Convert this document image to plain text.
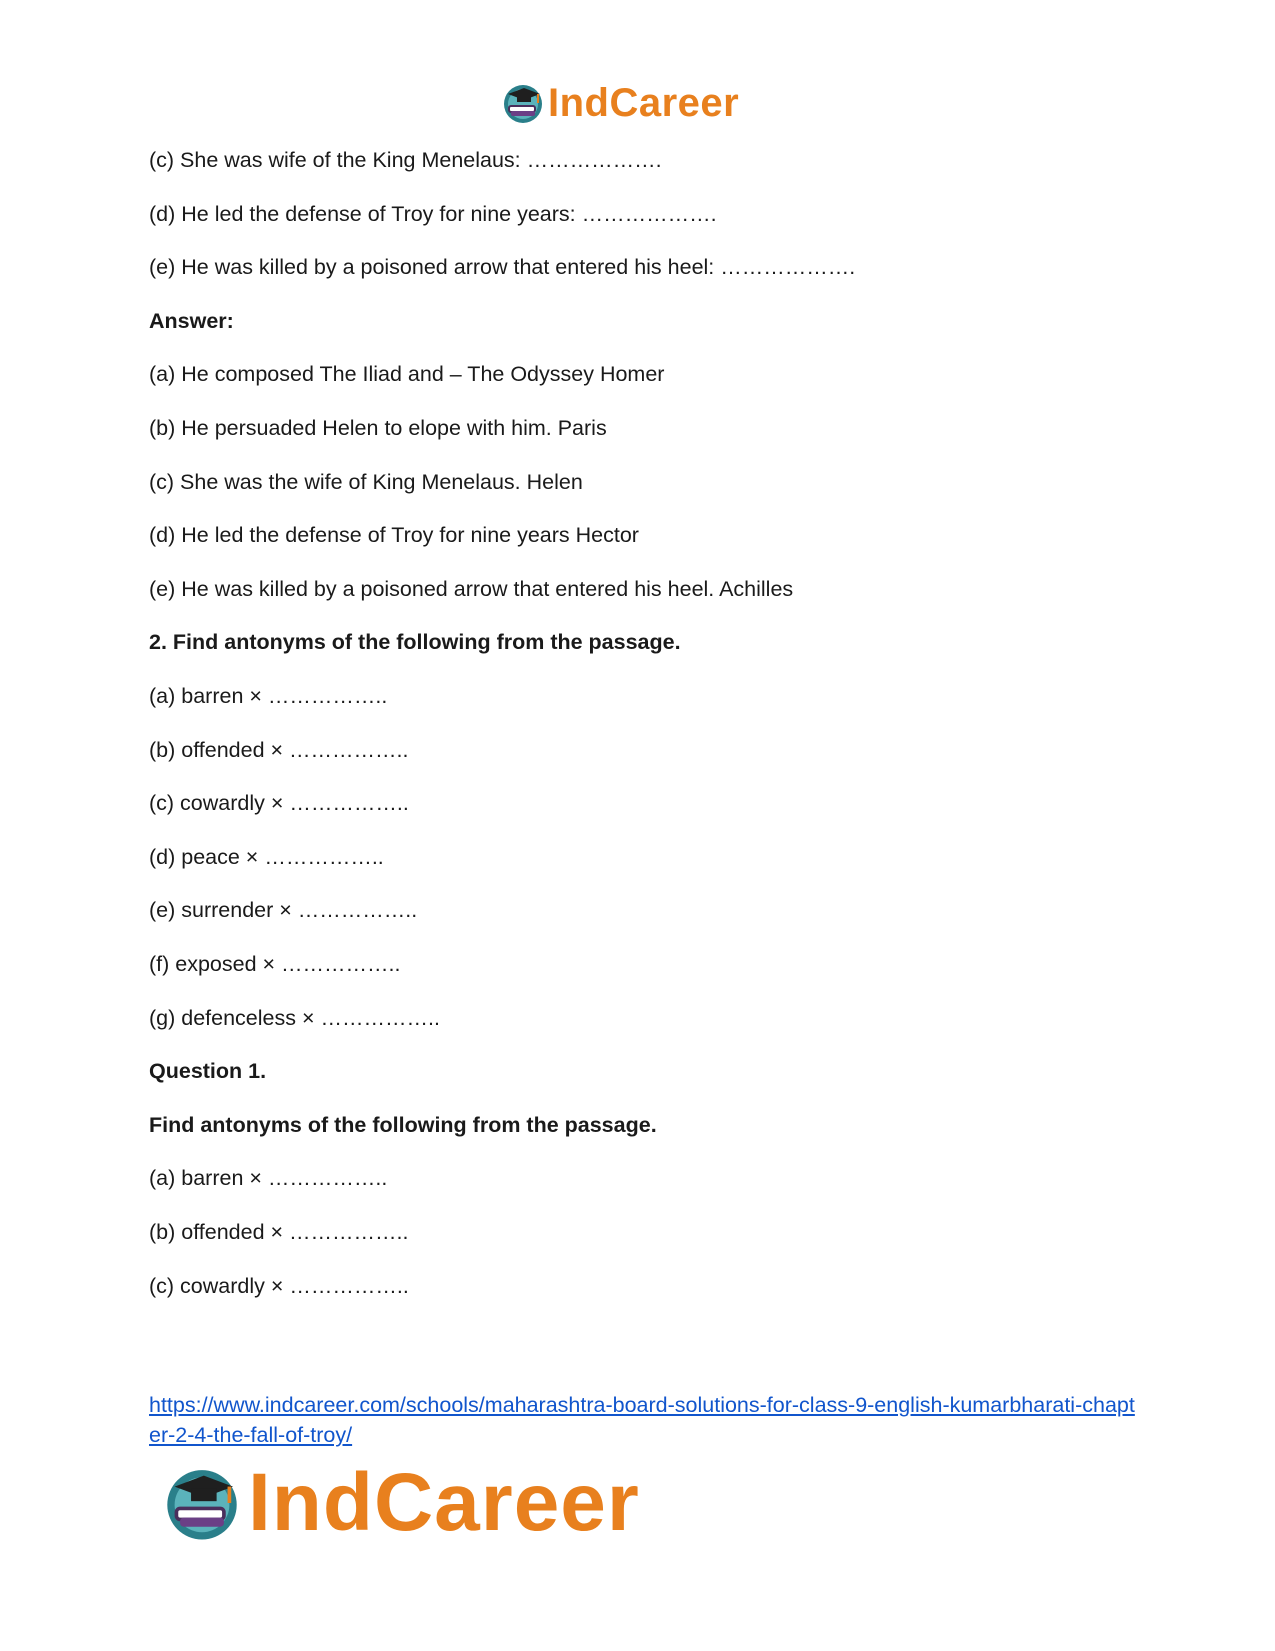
IndCareer
(c) She was wife of the King Menelaus: ……………….
(d) He led the defense of Troy for nine years: ……………….
(e) He was killed by a poisoned arrow that entered his heel: ……………….
Answer:
(a) He composed The Iliad and – The Odyssey Homer
(b) He persuaded Helen to elope with him. Paris
(c) She was the wife of King Menelaus. Helen
(d) He led the defense of Troy for nine years Hector
(e) He was killed by a poisoned arrow that entered his heel. Achilles
2. Find antonyms of the following from the passage.
(a) barren × ……………..
(b) offended × ……………..
(c) cowardly × ……………..
(d) peace × ……………..
(e) surrender × ……………..
(f) exposed × ……………..
(g) defenceless × ……………..
Question 1.
Find antonyms of the following from the passage.
(a) barren × ……………..
(b) offended × ……………..
(c) cowardly × ……………..
https://www.indcareer.com/schools/maharashtra-board-solutions-for-class-9-english-kumarbharati-chapter-2-4-the-fall-of-troy/
IndCareer
